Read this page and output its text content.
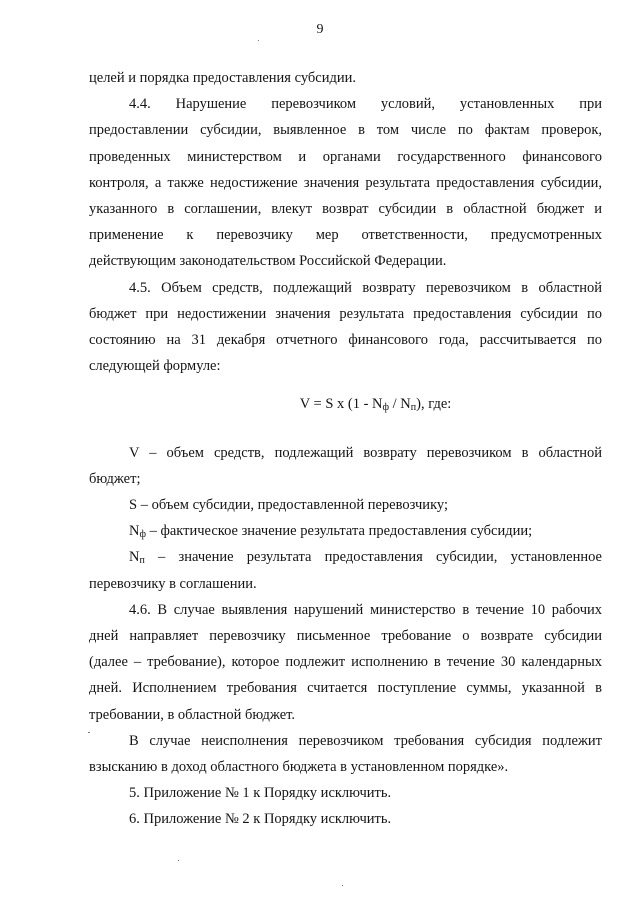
9

целей и порядка предоставления субсидии.

4.4. Нарушение перевозчиком условий, установленных при

предоставлении субсидии, выявленное в том числе по фактам проверок,

проведенных министерством и органами государственного финансового

контроля, а также недостижение значения результата предоставления субсидии,

указанного в соглашении, влекут возврат субсидии в областной бюджет и

применение к перевозчику мер ответственности, предусмотренных

действующим законодательством Российской Федерации.

4.5. Объем средств, подлежащий возврату перевозчиком в областной

бюджет при недостижении значения результата предоставления субсидии по

состоянию на 31 декабря отчетного финансового года, рассчитывается по

следующей формуле:

V = S x $(1 - N_ф / N_п)$, где:

V – объем средств, подлежащий возврату перевозчиком в областной

бюджет;

S – объем субсидии, предоставленной перевозчику;

$N_ф$ – фактическое значение результата предоставления субсидии;

$N_п$ – значение результата предоставления субсидии, установленное

перевозчику в соглашении.

4.6. В случае выявления нарушений министерство в течение 10 рабочих

дней направляет перевозчику письменное требование о возврате субсидии

(далее – требование), которое подлежит исполнению в течение 30 календарных

дней. Исполнением требования считается поступление суммы, указанной в

требовании, в областной бюджет.

В случае неисполнения перевозчиком требования субсидия подлежит

взысканию в доход областного бюджета в установленном порядке».

5. Приложение № 1 к Порядку исключить.

6. Приложение № 2 к Порядку исключить.
